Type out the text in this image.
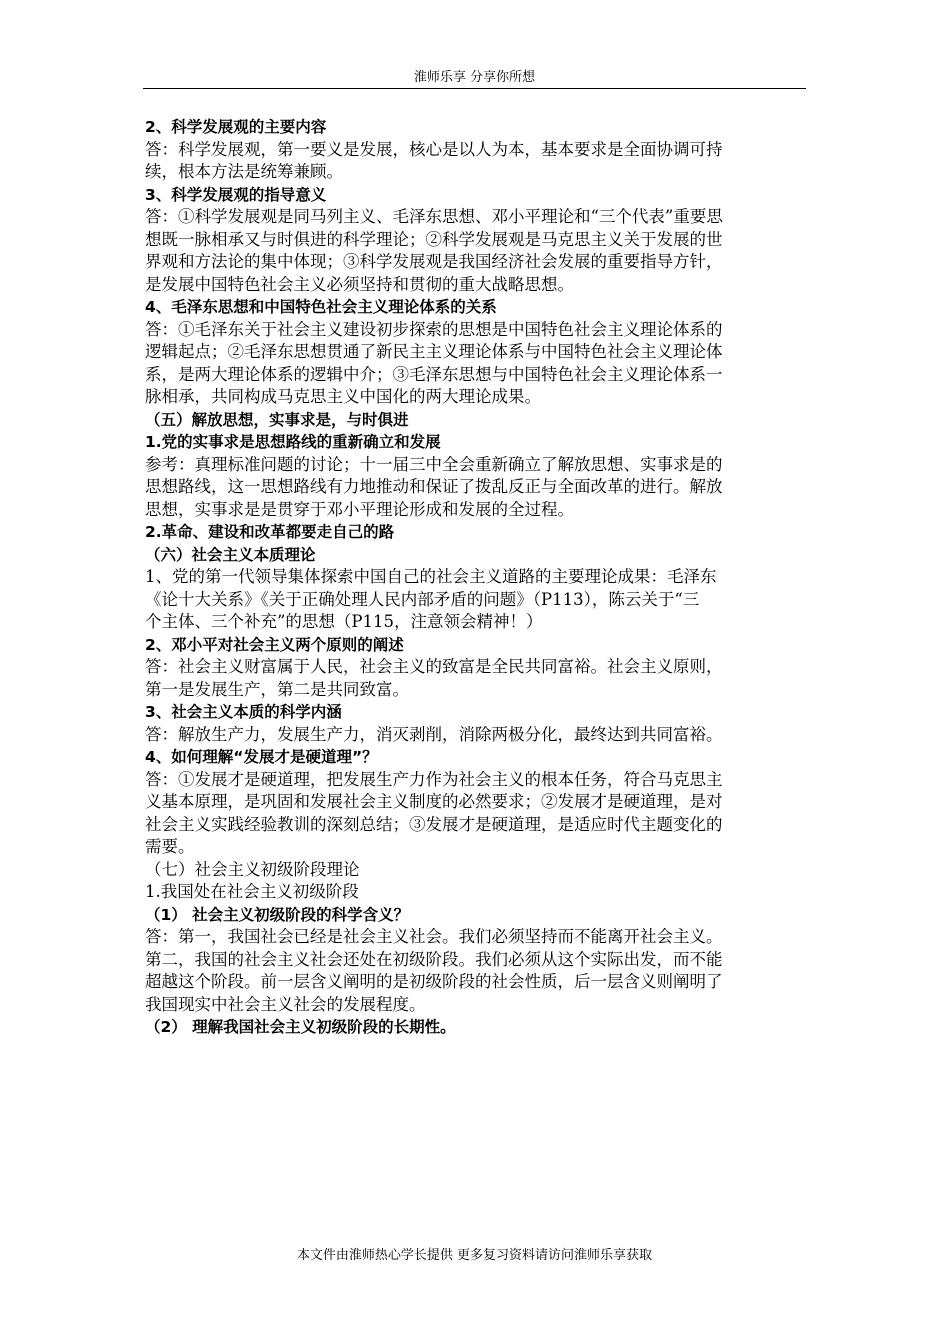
淮师乐享 分享你所想
2、科学发展观的主要内容
答：科学发展观，第一要义是发展，核心是以人为本，基本要求是全面协调可持
续，根本方法是统筹兼顾。
3、科学发展观的指导意义
答：①科学发展观是同马列主义、毛泽东思想、邓小平理论和“三个代表”重要思
想既一脉相承又与时俱进的科学理论；②科学发展观是马克思主义关于发展的世
界观和方法论的集中体现；③科学发展观是我国经济社会发展的重要指导方针，
是发展中国特色社会主义必须坚持和贯彻的重大战略思想。
4、毛泽东思想和中国特色社会主义理论体系的关系
答：①毛泽东关于社会主义建设初步探索的思想是中国特色社会主义理论体系的
逻辑起点；②毛泽东思想贯通了新民主主义理论体系与中国特色社会主义理论体
系，是两大理论体系的逻辑中介；③毛泽东思想与中国特色社会主义理论体系一
脉相承，共同构成马克思主义中国化的两大理论成果。
（五）解放思想，实事求是，与时俱进
1.党的实事求是思想路线的重新确立和发展
参考：真理标准问题的讨论；十一届三中全会重新确立了解放思想、实事求是的
思想路线，这一思想路线有力地推动和保证了拨乱反正与全面改革的进行。解放
思想，实事求是是贯穿于邓小平理论形成和发展的全过程。
2.革命、建设和改革都要走自己的路
（六）社会主义本质理论
1、党的第一代领导集体探索中国自己的社会主义道路的主要理论成果：毛泽东
《论十大关系》《关于正确处理人民内部矛盾的问题》（P113），陈云关于“三
个主体、三个补充”的思想（P115，注意领会精神！）
2、邓小平对社会主义两个原则的阐述
答：社会主义财富属于人民，社会主义的致富是全民共同富裕。社会主义原则，
第一是发展生产，第二是共同致富。
3、社会主义本质的科学内涵
答：解放生产力，发展生产力，消灭剥削，消除两极分化，最终达到共同富裕。
4、如何理解“发展才是硬道理”？
答：①发展才是硬道理，把发展生产力作为社会主义的根本任务，符合马克思主
义基本原理，是巩固和发展社会主义制度的必然要求；②发展才是硬道理，是对
社会主义实践经验教训的深刻总结；③发展才是硬道理，是适应时代主题变化的
需要。
（七）社会主义初级阶段理论
1.我国处在社会主义初级阶段
（1） 社会主义初级阶段的科学含义？
答：第一，我国社会已经是社会主义社会。我们必须坚持而不能离开社会主义。
第二，我国的社会主义社会还处在初级阶段。我们必须从这个实际出发，而不能
超越这个阶段。前一层含义阐明的是初级阶段的社会性质，后一层含义则阐明了
我国现实中社会主义社会的发展程度。
（2） 理解我国社会主义初级阶段的长期性。
本文件由淮师热心学长提供 更多复习资料请访问淮师乐享获取
